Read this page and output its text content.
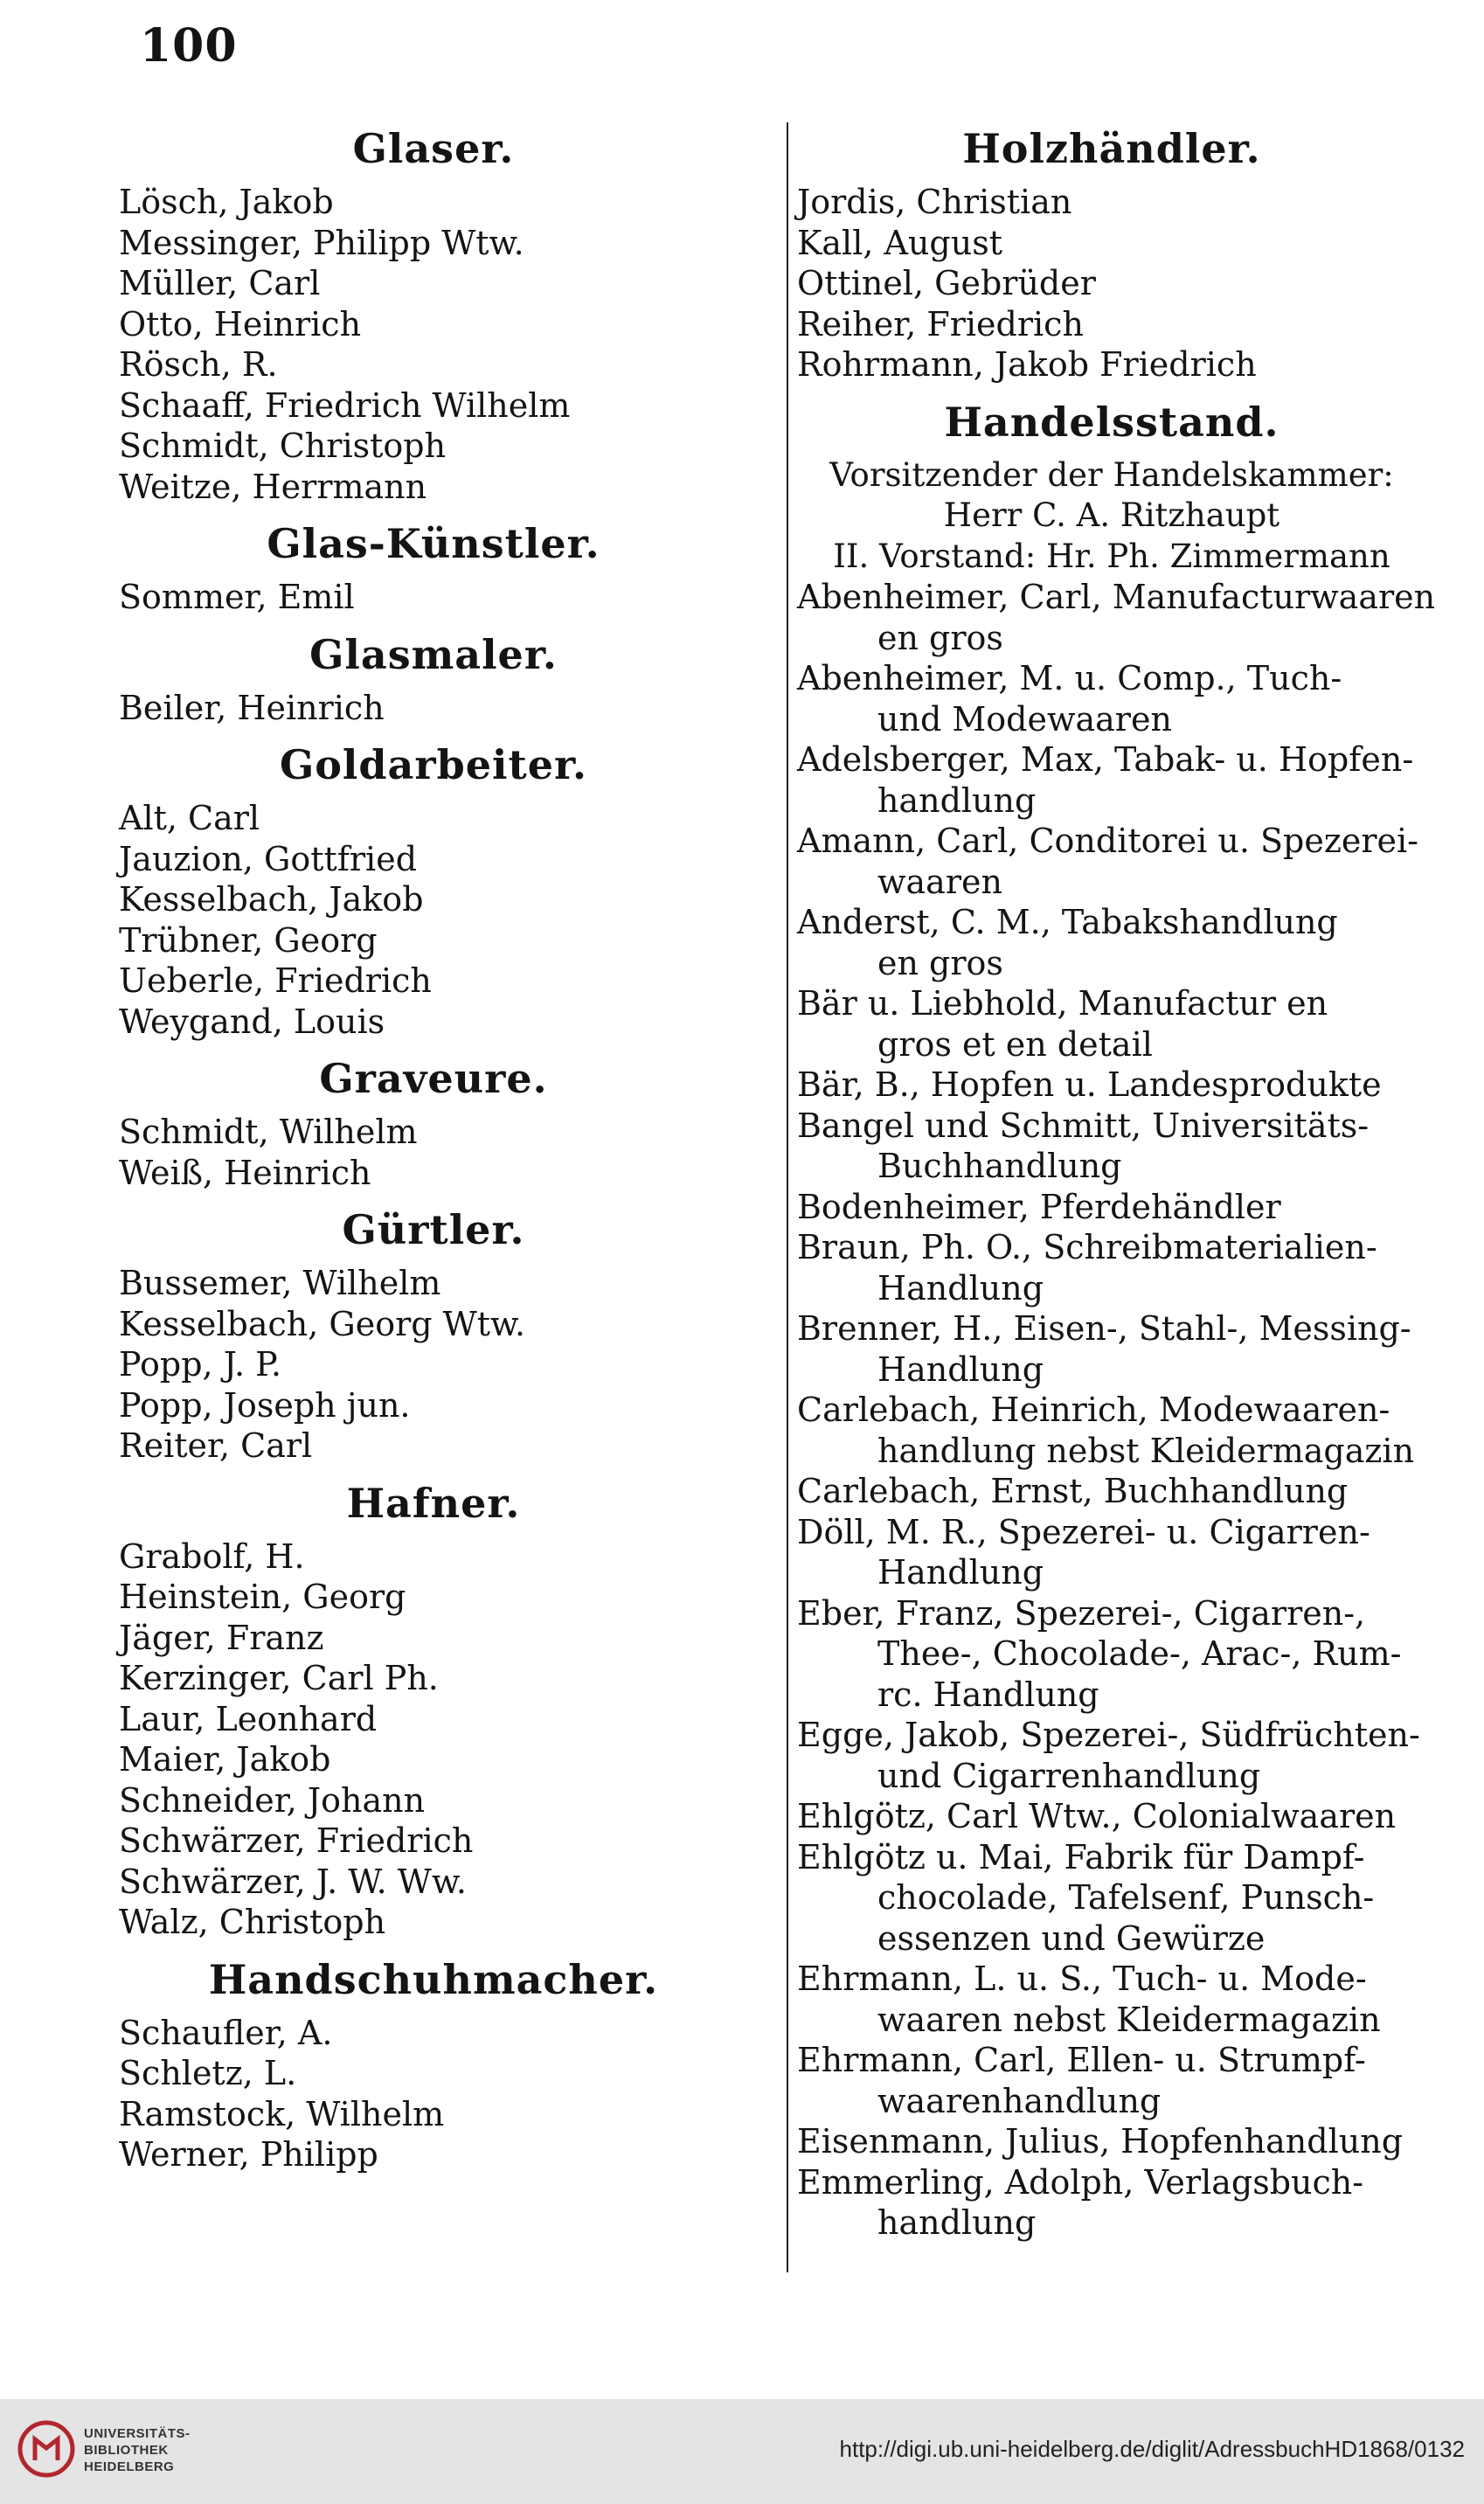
100
Glaser.
Lösch, Jakob
Messinger, Philipp Wtw.
Müller, Carl
Otto, Heinrich
Rösch, R.
Schaaff, Friedrich Wilhelm
Schmidt, Christoph
Weitze, Herrmann
Glas-Künstler.
Sommer, Emil
Glasmaler.
Beiler, Heinrich
Goldarbeiter.
Alt, Carl
Jauzion, Gottfried
Kesselbach, Jakob
Trübner, Georg
Ueberle, Friedrich
Weygand, Louis
Graveure.
Schmidt, Wilhelm
Weiß, Heinrich
Gürtler.
Bussemer, Wilhelm
Kesselbach, Georg Wtw.
Popp, J. P.
Popp, Joseph jun.
Reiter, Carl
Hafner.
Grabolf, H.
Heinstein, Georg
Jäger, Franz
Kerzinger, Carl Ph.
Laur, Leonhard
Maier, Jakob
Schneider, Johann
Schwärzer, Friedrich
Schwärzer, J. W. Ww.
Walz, Christoph
Handschuhmacher.
Schaufler, A.
Schletz, L.
Ramstock, Wilhelm
Werner, Philipp
Holzhändler.
Jordis, Christian
Kall, August
Ottinel, Gebrüder
Reiher, Friedrich
Rohrmann, Jakob Friedrich
Handelsstand.
Vorsitzender der Handelskammer:
Herr C. A. Ritzhaupt
II. Vorstand: Hr. Ph. Zimmermann
Abenheimer, Carl, Manufacturwaaren
en gros
Abenheimer, M. u. Comp., Tuch-
und Modewaaren
Adelsberger, Max, Tabak- u. Hopfen-
handlung
Amann, Carl, Conditorei u. Spezerei-
waaren
Anderst, C. M., Tabakshandlung
en gros
Bär u. Liebhold, Manufactur en
gros et en detail
Bär, B., Hopfen u. Landesprodukte
Bangel und Schmitt, Universitäts-
Buchhandlung
Bodenheimer, Pferdehändler
Braun, Ph. O., Schreibmaterialien-
Handlung
Brenner, H., Eisen-, Stahl-, Messing-
Handlung
Carlebach, Heinrich, Modewaaren-
handlung nebst Kleidermagazin
Carlebach, Ernst, Buchhandlung
Döll, M. R., Spezerei- u. Cigarren-
Handlung
Eber, Franz, Spezerei-, Cigarren-,
Thee-, Chocolade-, Arac-, Rum-
rc. Handlung
Egge, Jakob, Spezerei-, Südfrüchten-
und Cigarrenhandlung
Ehlgötz, Carl Wtw., Colonialwaaren
Ehlgötz u. Mai, Fabrik für Dampf-
chocolade, Tafelsenf, Punsch-
essenzen und Gewürze
Ehrmann, L. u. S., Tuch- u. Mode-
waaren nebst Kleidermagazin
Ehrmann, Carl, Ellen- u. Strumpf-
waarenhandlung
Eisenmann, Julius, Hopfenhandlung
Emmerling, Adolph, Verlagsbuch-
handlung
UNIVERSITÄTS-
BIBLIOTHEK
HEIDELBERG
http://digi.ub.uni-heidelberg.de/diglit/AdressbuchHD1868/0132
